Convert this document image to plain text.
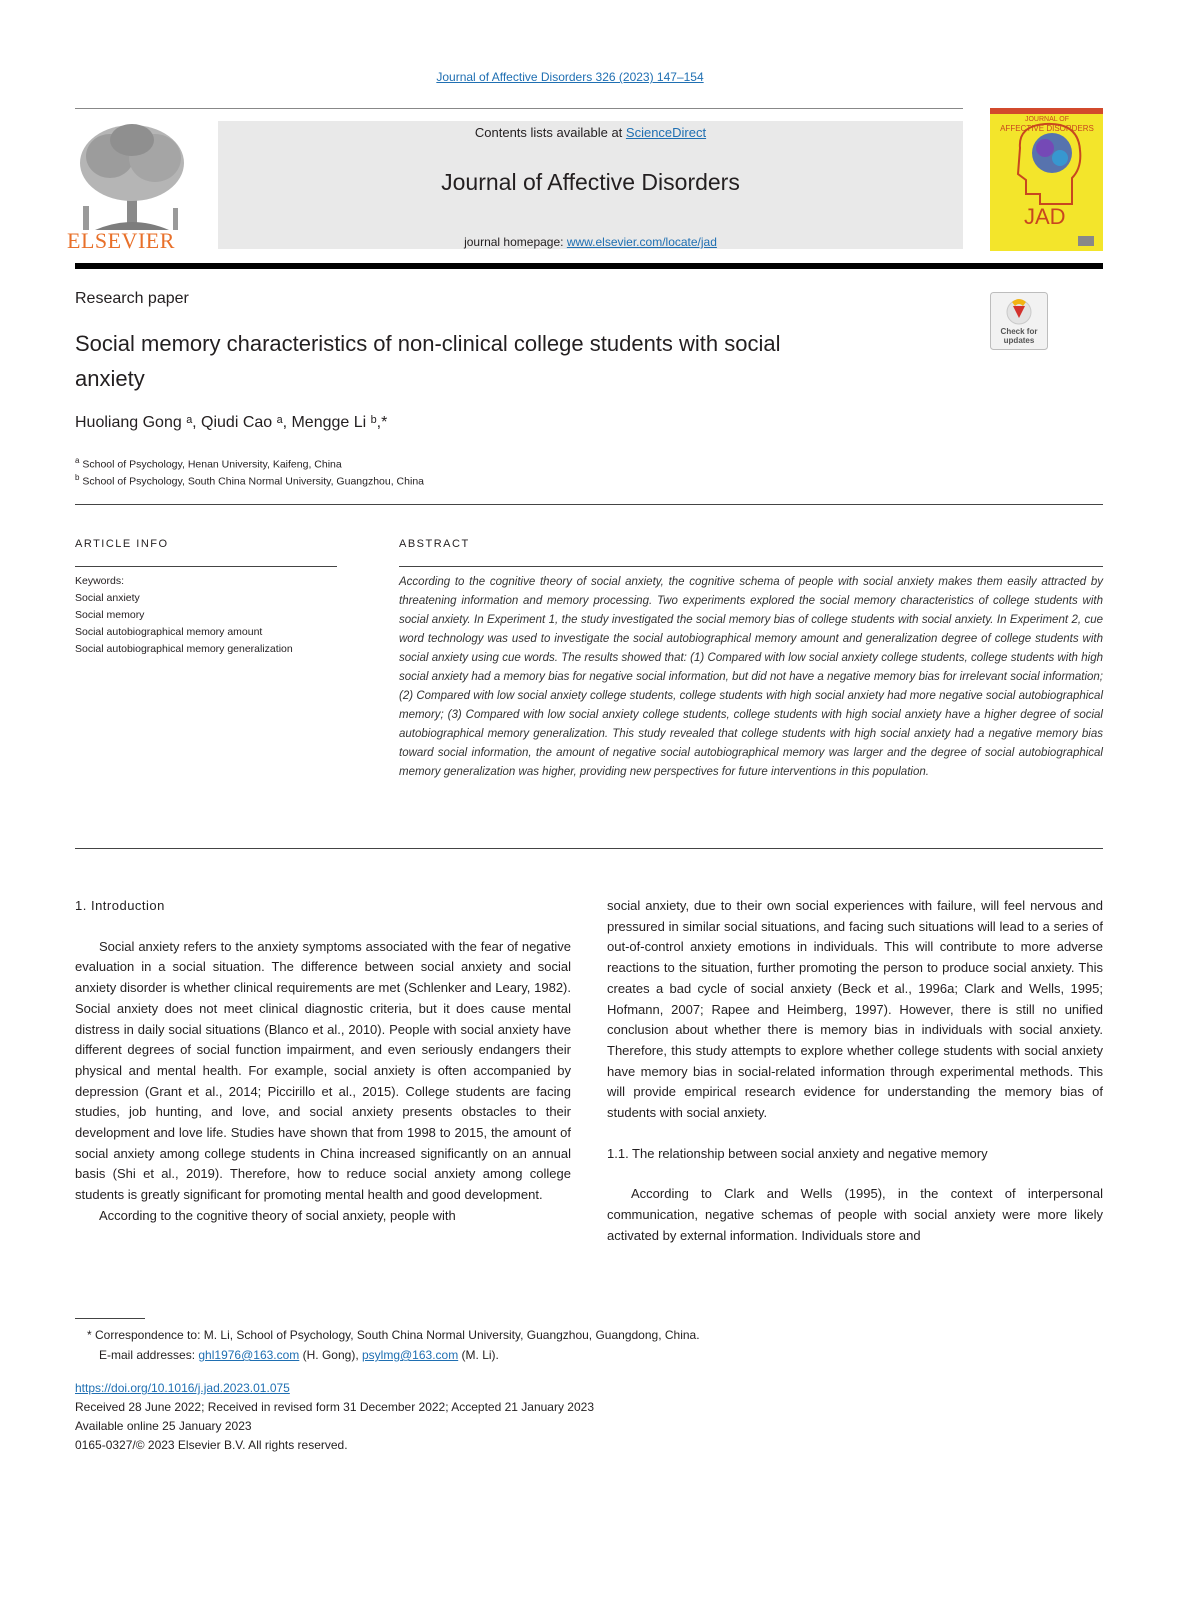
Journal of Affective Disorders 326 (2023) 147–154
ELSEVIER
Contents lists available at ScienceDirect
Journal of Affective Disorders
journal homepage: www.elsevier.com/locate/jad
JOURNAL OF
AFFECTIVE DISORDERS
JAD
Research paper
Social memory characteristics of non-clinical college students with social anxiety
Check for
updates
Huoliang Gong ᵃ, Qiudi Cao ᵃ, Mengge Li ᵇ,*
$^a$ School of Psychology, Henan University, Kaifeng, China
$^b$ School of Psychology, South China Normal University, Guangzhou, China
ARTICLE INFO
Keywords:
Social anxiety
Social memory
Social autobiographical memory amount
Social autobiographical memory generalization
ABSTRACT
According to the cognitive theory of social anxiety, the cognitive schema of people with social anxiety makes them easily attracted by threatening information and memory processing. Two experiments explored the social memory characteristics of college students with social anxiety. In Experiment 1, the study investigated the social memory bias of college students with social anxiety. In Experiment 2, cue word technology was used to investigate the social autobiographical memory amount and generalization degree of college students with social anxiety using cue words. The results showed that: (1) Compared with low social anxiety college students, college students with high social anxiety had a memory bias for negative social information, but did not have a negative memory bias for irrelevant social information; (2) Compared with low social anxiety college students, college students with high social anxiety had more negative social autobiographical memory; (3) Compared with low social anxiety college students, college students with high social anxiety have a higher degree of social autobiographical memory generalization. This study revealed that college students with high social anxiety had a negative memory bias toward social information, the amount of negative social autobiographical memory was larger and the degree of social autobiographical memory generalization was higher, providing new perspectives for future interventions in this population.
1. Introduction

Social anxiety refers to the anxiety symptoms associated with the fear of negative evaluation in a social situation. The difference between social anxiety and social anxiety disorder is whether clinical requirements are met (Schlenker and Leary, 1982). Social anxiety does not meet clinical diagnostic criteria, but it does cause mental distress in daily social situations (Blanco et al., 2010). People with social anxiety have different degrees of social function impairment, and even seriously endangers their physical and mental health. For example, social anxiety is often accompanied by depression (Grant et al., 2014; Piccirillo et al., 2015). College students are facing studies, job hunting, and love, and social anxiety presents obstacles to their development and love life. Studies have shown that from 1998 to 2015, the amount of social anxiety among college students in China increased significantly on an annual basis (Shi et al., 2019). Therefore, how to reduce social anxiety among college students is greatly significant for promoting mental health and good development.

According to the cognitive theory of social anxiety, people with

social anxiety, due to their own social experiences with failure, will feel nervous and pressured in similar social situations, and facing such situations will lead to a series of out-of-control anxiety emotions in individuals. This will contribute to more adverse reactions to the situation, further promoting the person to produce social anxiety. This creates a bad cycle of social anxiety (Beck et al., 1996a; Clark and Wells, 1995; Hofmann, 2007; Rapee and Heimberg, 1997). However, there is still no unified conclusion about whether there is memory bias in individuals with social anxiety. Therefore, this study attempts to explore whether college students with social anxiety have memory bias in social-related information through experimental methods. This will provide empirical research evidence for understanding the memory bias of students with social anxiety.

1.1. The relationship between social anxiety and negative memory

According to Clark and Wells (1995), in the context of interpersonal communication, negative schemas of people with social anxiety were more likely activated by external information. Individuals store and

* Correspondence to: M. Li, School of Psychology, South China Normal University, Guangzhou, Guangdong, China.
E-mail addresses: ghl1976@163.com (H. Gong), psylmg@163.com (M. Li).
https://doi.org/10.1016/j.jad.2023.01.075
Received 28 June 2022; Received in revised form 31 December 2022; Accepted 21 January 2023
Available online 25 January 2023
0165-0327/© 2023 Elsevier B.V. All rights reserved.
